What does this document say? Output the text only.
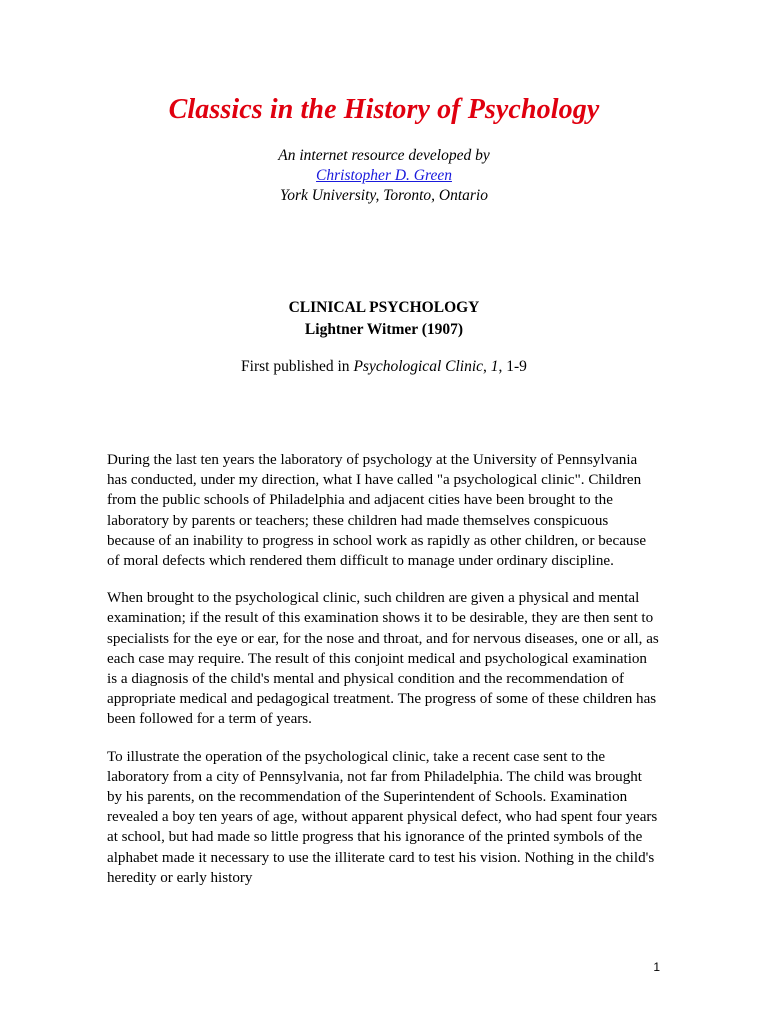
Classics in the History of Psychology
An internet resource developed by
Christopher D. Green
York University, Toronto, Ontario
CLINICAL PSYCHOLOGY
Lightner Witmer (1907)
First published in Psychological Clinic, 1, 1-9

During the last ten years the laboratory of psychology at the University of Pennsylvania has conducted, under my direction, what I have called "a psychological clinic". Children from the public schools of Philadelphia and adjacent cities have been brought to the laboratory by parents or teachers; these children had made themselves conspicuous because of an inability to progress in school work as rapidly as other children, or because of moral defects which rendered them difficult to manage under ordinary discipline.

When brought to the psychological clinic, such children are given a physical and mental examination; if the result of this examination shows it to be desirable, they are then sent to specialists for the eye or ear, for the nose and throat, and for nervous diseases, one or all, as each case may require. The result of this conjoint medical and psychological examination is a diagnosis of the child's mental and physical condition and the recommendation of appropriate medical and pedagogical treatment. The progress of some of these children has been followed for a term of years.

To illustrate the operation of the psychological clinic, take a recent case sent to the laboratory from a city of Pennsylvania, not far from Philadelphia. The child was brought by his parents, on the recommendation of the Superintendent of Schools. Examination revealed a boy ten years of age, without apparent physical defect, who had spent four years at school, but had made so little progress that his ignorance of the printed symbols of the alphabet made it necessary to use the illiterate card to test his vision. Nothing in the child's heredity or early history

1
